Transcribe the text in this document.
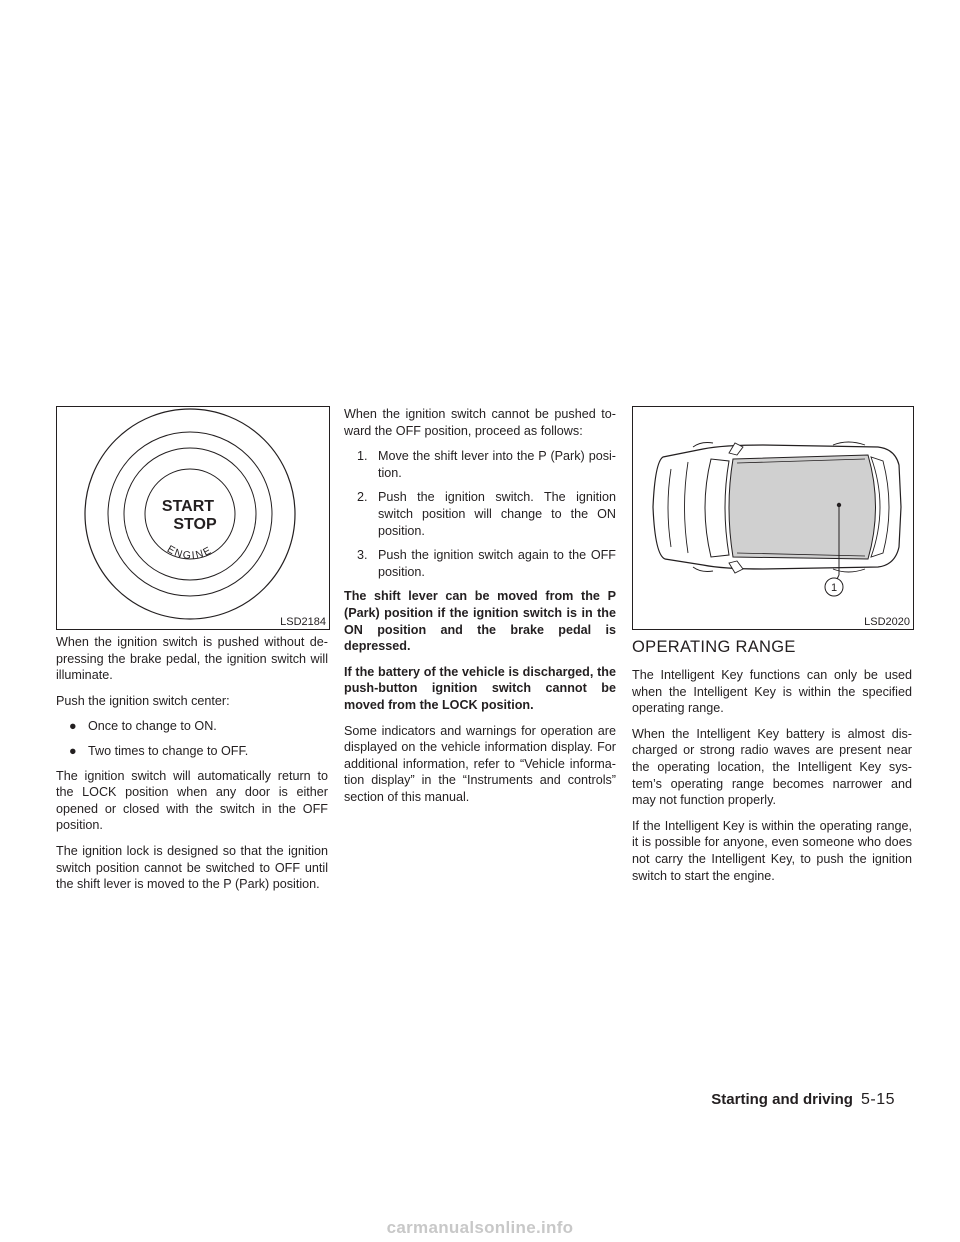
START
STOP
ENGINE
LSD2184
1
LSD2020

When the ignition switch is pushed without de-pressing the brake pedal, the ignition switch will illuminate.

Push the ignition switch center:

● Once to change to ON.
● Two times to change to OFF.

The ignition switch will automatically return to the LOCK position when any door is either opened or closed with the switch in the OFF position.

The ignition lock is designed so that the ignition switch position cannot be switched to OFF until the shift lever is moved to the P (Park) position.

When the ignition switch cannot be pushed to-ward the OFF position, proceed as follows:

1. Move the shift lever into the P (Park) posi-tion.
2. Push the ignition switch. The ignition switch position will change to the ON position.
3. Push the ignition switch again to the OFF position.

The shift lever can be moved from the P (Park) position if the ignition switch is in the ON position and the brake pedal is depressed.

If the battery of the vehicle is discharged, the push-button ignition switch cannot be moved from the LOCK position.

Some indicators and warnings for operation are displayed on the vehicle information display. For additional information, refer to “Vehicle informa-tion display” in the “Instruments and controls” section of this manual.

OPERATING RANGE

The Intelligent Key functions can only be used when the Intelligent Key is within the specified operating range.

When the Intelligent Key battery is almost dis-charged or strong radio waves are present near the operating location, the Intelligent Key sys-tem’s operating range becomes narrower and may not function properly.

If the Intelligent Key is within the operating range, it is possible for anyone, even someone who does not carry the Intelligent Key, to push the ignition switch to start the engine.

Starting and driving 5-15
carmanualsonline.info
